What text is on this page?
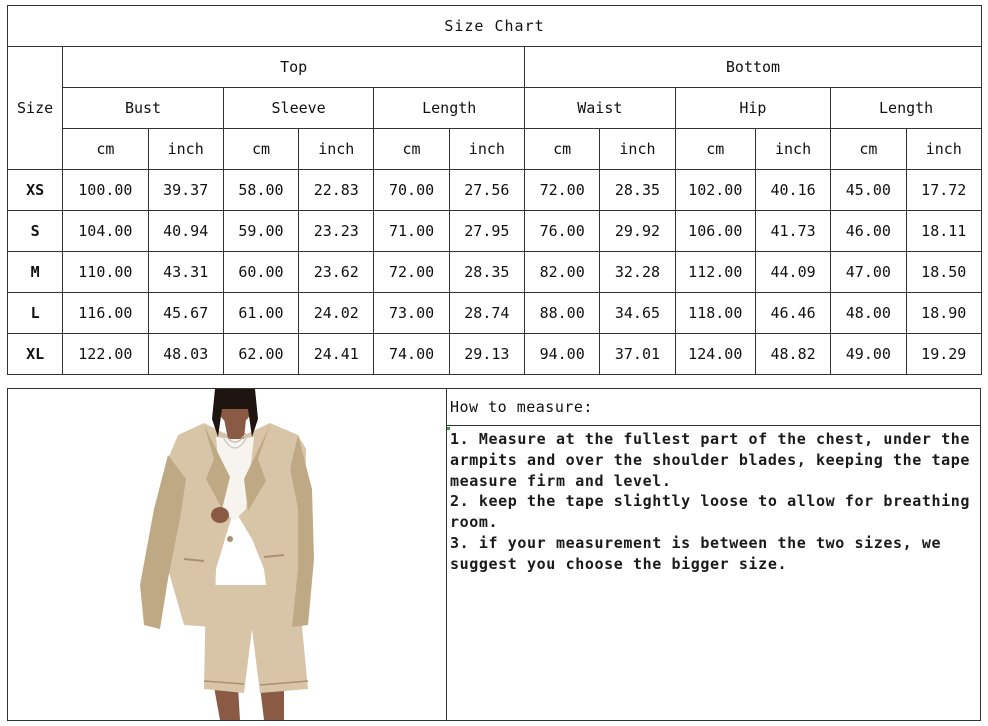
Size Chart												
Size	Top						Bottom					
	Bust		Sleeve		Length		Waist		Hip		Length	
	cm	inch	cm	inch	cm	inch	cm	inch	cm	inch	cm	inch
XS	100.00	39.37	58.00	22.83	70.00	27.56	72.00	28.35	102.00	40.16	45.00	17.72
S	104.00	40.94	59.00	23.23	71.00	27.95	76.00	29.92	106.00	41.73	46.00	18.11
M	110.00	43.31	60.00	23.62	72.00	28.35	82.00	32.28	112.00	44.09	47.00	18.50
L	116.00	45.67	61.00	24.02	73.00	28.74	88.00	34.65	118.00	46.46	48.00	18.90
XL	122.00	48.03	62.00	24.41	74.00	29.13	94.00	37.01	124.00	48.82	49.00	19.29
How to measure:

1. Measure at the fullest part of the chest, under the armpits and over the shoulder blades, keeping the tape measure firm and level.

2. keep the tape slightly loose to allow for breathing room.

3. if your measurement is between the two sizes, we suggest you choose the bigger size.
